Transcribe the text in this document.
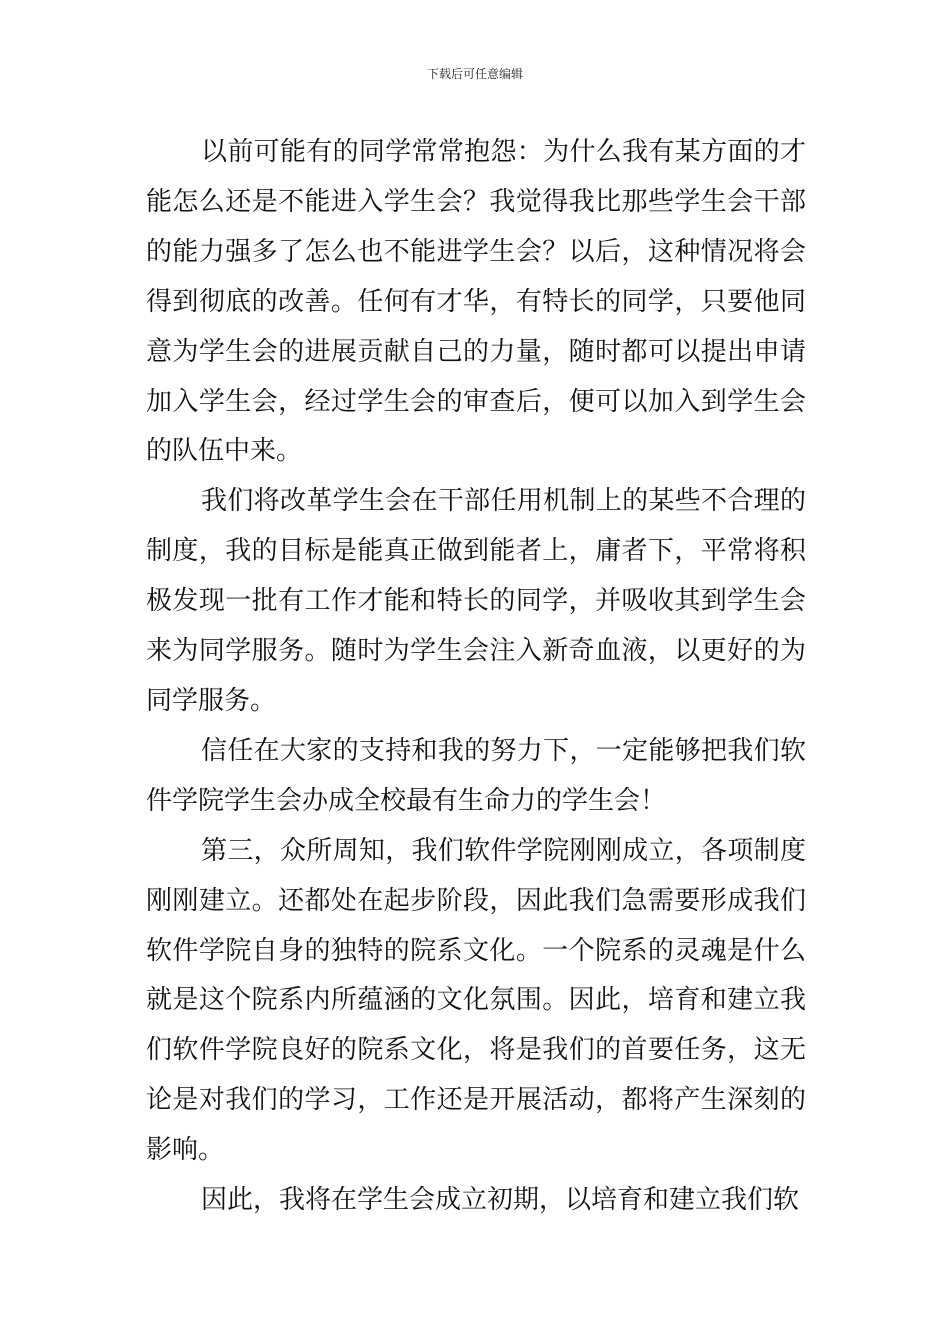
下载后可任意编辑

以前可能有的同学常常抱怨：为什么我有某方面的才能怎么还是不能进入学生会？我觉得我比那些学生会干部的能力强多了怎么也不能进学生会？以后，这种情况将会得到彻底的改善。任何有才华，有特长的同学，只要他同意为学生会的进展贡献自己的力量，随时都可以提出申请加入学生会，经过学生会的审查后，便可以加入到学生会的队伍中来。

我们将改革学生会在干部任用机制上的某些不合理的制度，我的目标是能真正做到能者上，庸者下，平常将积极发现一批有工作才能和特长的同学，并吸收其到学生会来为同学服务。随时为学生会注入新奇血液，以更好的为同学服务。

信任在大家的支持和我的努力下，一定能够把我们软件学院学生会办成全校最有生命力的学生会！

第三，众所周知，我们软件学院刚刚成立，各项制度刚刚建立。还都处在起步阶段，因此我们急需要形成我们软件学院自身的独特的院系文化。一个院系的灵魂是什么就是这个院系内所蕴涵的文化氛围。因此，培育和建立我们软件学院良好的院系文化，将是我们的首要任务，这无论是对我们的学习，工作还是开展活动，都将产生深刻的影响。

因此，我将在学生会成立初期，以培育和建立我们软
